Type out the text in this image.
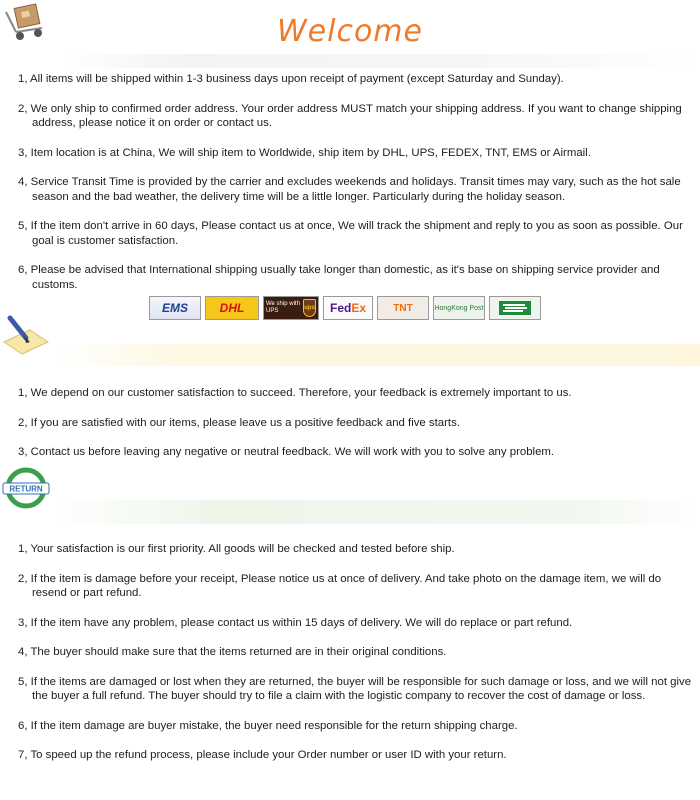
Welcome
1, All items will be shipped within 1-3 business days upon receipt of payment (except Saturday and Sunday).
2, We only ship to confirmed order address. Your order address MUST match your shipping address. If you want to change shipping address, please notice it on order or contact us.
3, Item location is at China, We will ship item to Worldwide, ship item by DHL, UPS, FEDEX, TNT, EMS or Airmail.
4, Service Transit Time is provided by the carrier and excludes weekends and holidays. Transit times may vary, such as the hot sale season and the bad weather, the delivery time will be a little longer. Particularly during the holiday season.
5, If the item don't arrive in 60 days, Please contact us at once, We will track the shipment and reply to you as soon as possible. Our goal is customer satisfaction.
6, Please be advised that International shipping usually take longer than domestic, as it's base on shipping service provider and customs.
EMS	DHL	We ship with UPS	ups Fed Ex	TNT	HongKong Post
1, We depend on our customer satisfaction to succeed. Therefore, your feedback is extremely important to us.
2, If you are satisfied with our items, please leave us a positive feedback and five starts.
3, Contact us before leaving any negative or neutral feedback. We will work with you to solve any problem.
RETURN
1, Your satisfaction is our first priority. All goods will be checked and tested before ship.
2, If the item is damage before your receipt, Please notice us at once of delivery. And take photo on the damage item, we will do resend or part refund.
3, If the item have any problem, please contact us within 15 days of delivery. We will do replace or part refund.
4, The buyer should make sure that the items returned are in their original conditions.
5, If the items are damaged or lost when they are returned, the buyer will be responsible for such damage or loss, and we will not give the buyer a full refund. The buyer should try to file a claim with the logistic company to recover the cost of damage or loss.
6, If the item damage are buyer mistake, the buyer need responsible for the return shipping charge.
7, To speed up the refund process, please include your Order number or user ID with your return.
